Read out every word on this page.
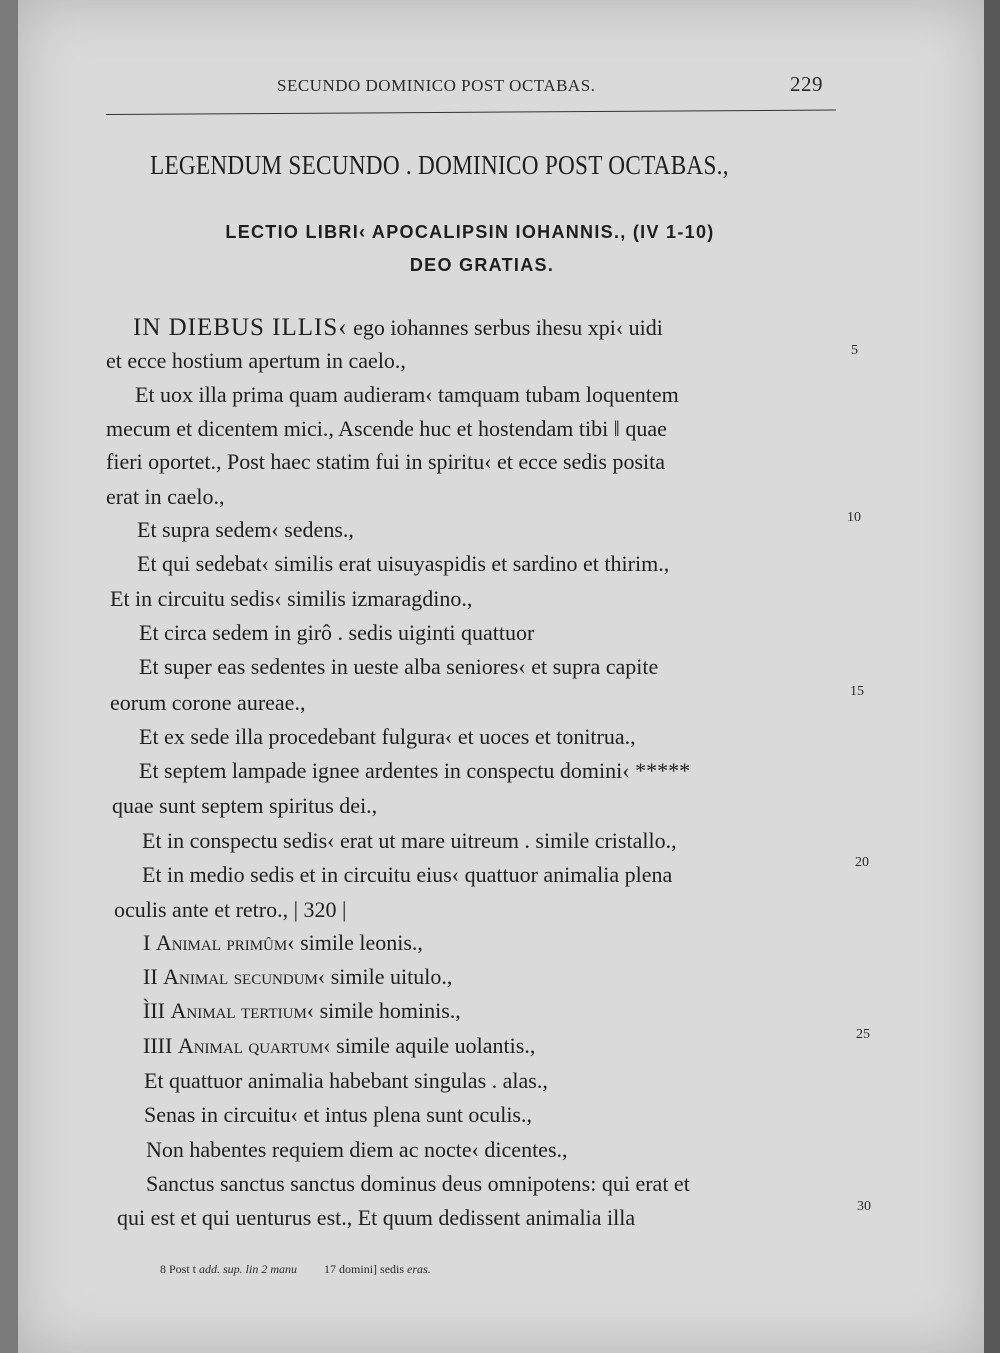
SECUNDO DOMINICO POST OCTABAS.	229
LEGENDUM SECUNDO . DOMINICO POST OCTABAS.,
LECTIO LIBRI‹ APOCALIPSIN IOHANNIS., (IV 1-10)
DEO GRATIAS.
IN DIEBUS ILLIS‹ ego iohannes serbus ihesu xpi‹ uidi
et ecce hostium apertum in caelo.,
Et uox illa prima quam audieram‹ tamquam tubam loquentem
mecum et dicentem mici., Ascende huc et hostendam tibi ‖ quae
fieri oportet., Post haec statim fui in spiritu‹ et ecce sedis posita
erat in caelo.,
Et supra sedem‹ sedens.,
Et qui sedebat‹ similis erat uisuyaspidis et sardino et thirim.,
Et in circuitu sedis‹ similis izmaragdino.,
Et circa sedem in girô . sedis uiginti quattuor
Et super eas sedentes in ueste alba seniores‹ et supra capite
eorum corone aureae.,
Et ex sede illa procedebant fulgura‹ et uoces et tonitrua.,
Et septem lampade ignee ardentes in conspectu domini‹ *****
quae sunt septem spiritus dei.,
Et in conspectu sedis‹ erat ut mare uitreum . simile cristallo.,
Et in medio sedis et in circuitu eius‹ quattuor animalia plena
oculis ante et retro., | 320 |
I Animal primûm‹ simile leonis.,
II Animal secundum‹ simile uitulo.,
ÌII Animal tertium‹ simile hominis.,
IIII Animal quartum‹ simile aquile uolantis.,
Et quattuor animalia habebant singulas . alas.,
Senas in circuitu‹ et intus plena sunt oculis.,
Non habentes requiem diem ac nocte‹ dicentes.,
Sanctus sanctus sanctus dominus deus omnipotens: qui erat et
qui est et qui uenturus est., Et quum dedissent animalia illa
5
10
15
20
25
30
8 Post t add. sup. lin 2 manu 17 domini] sedis eras.
